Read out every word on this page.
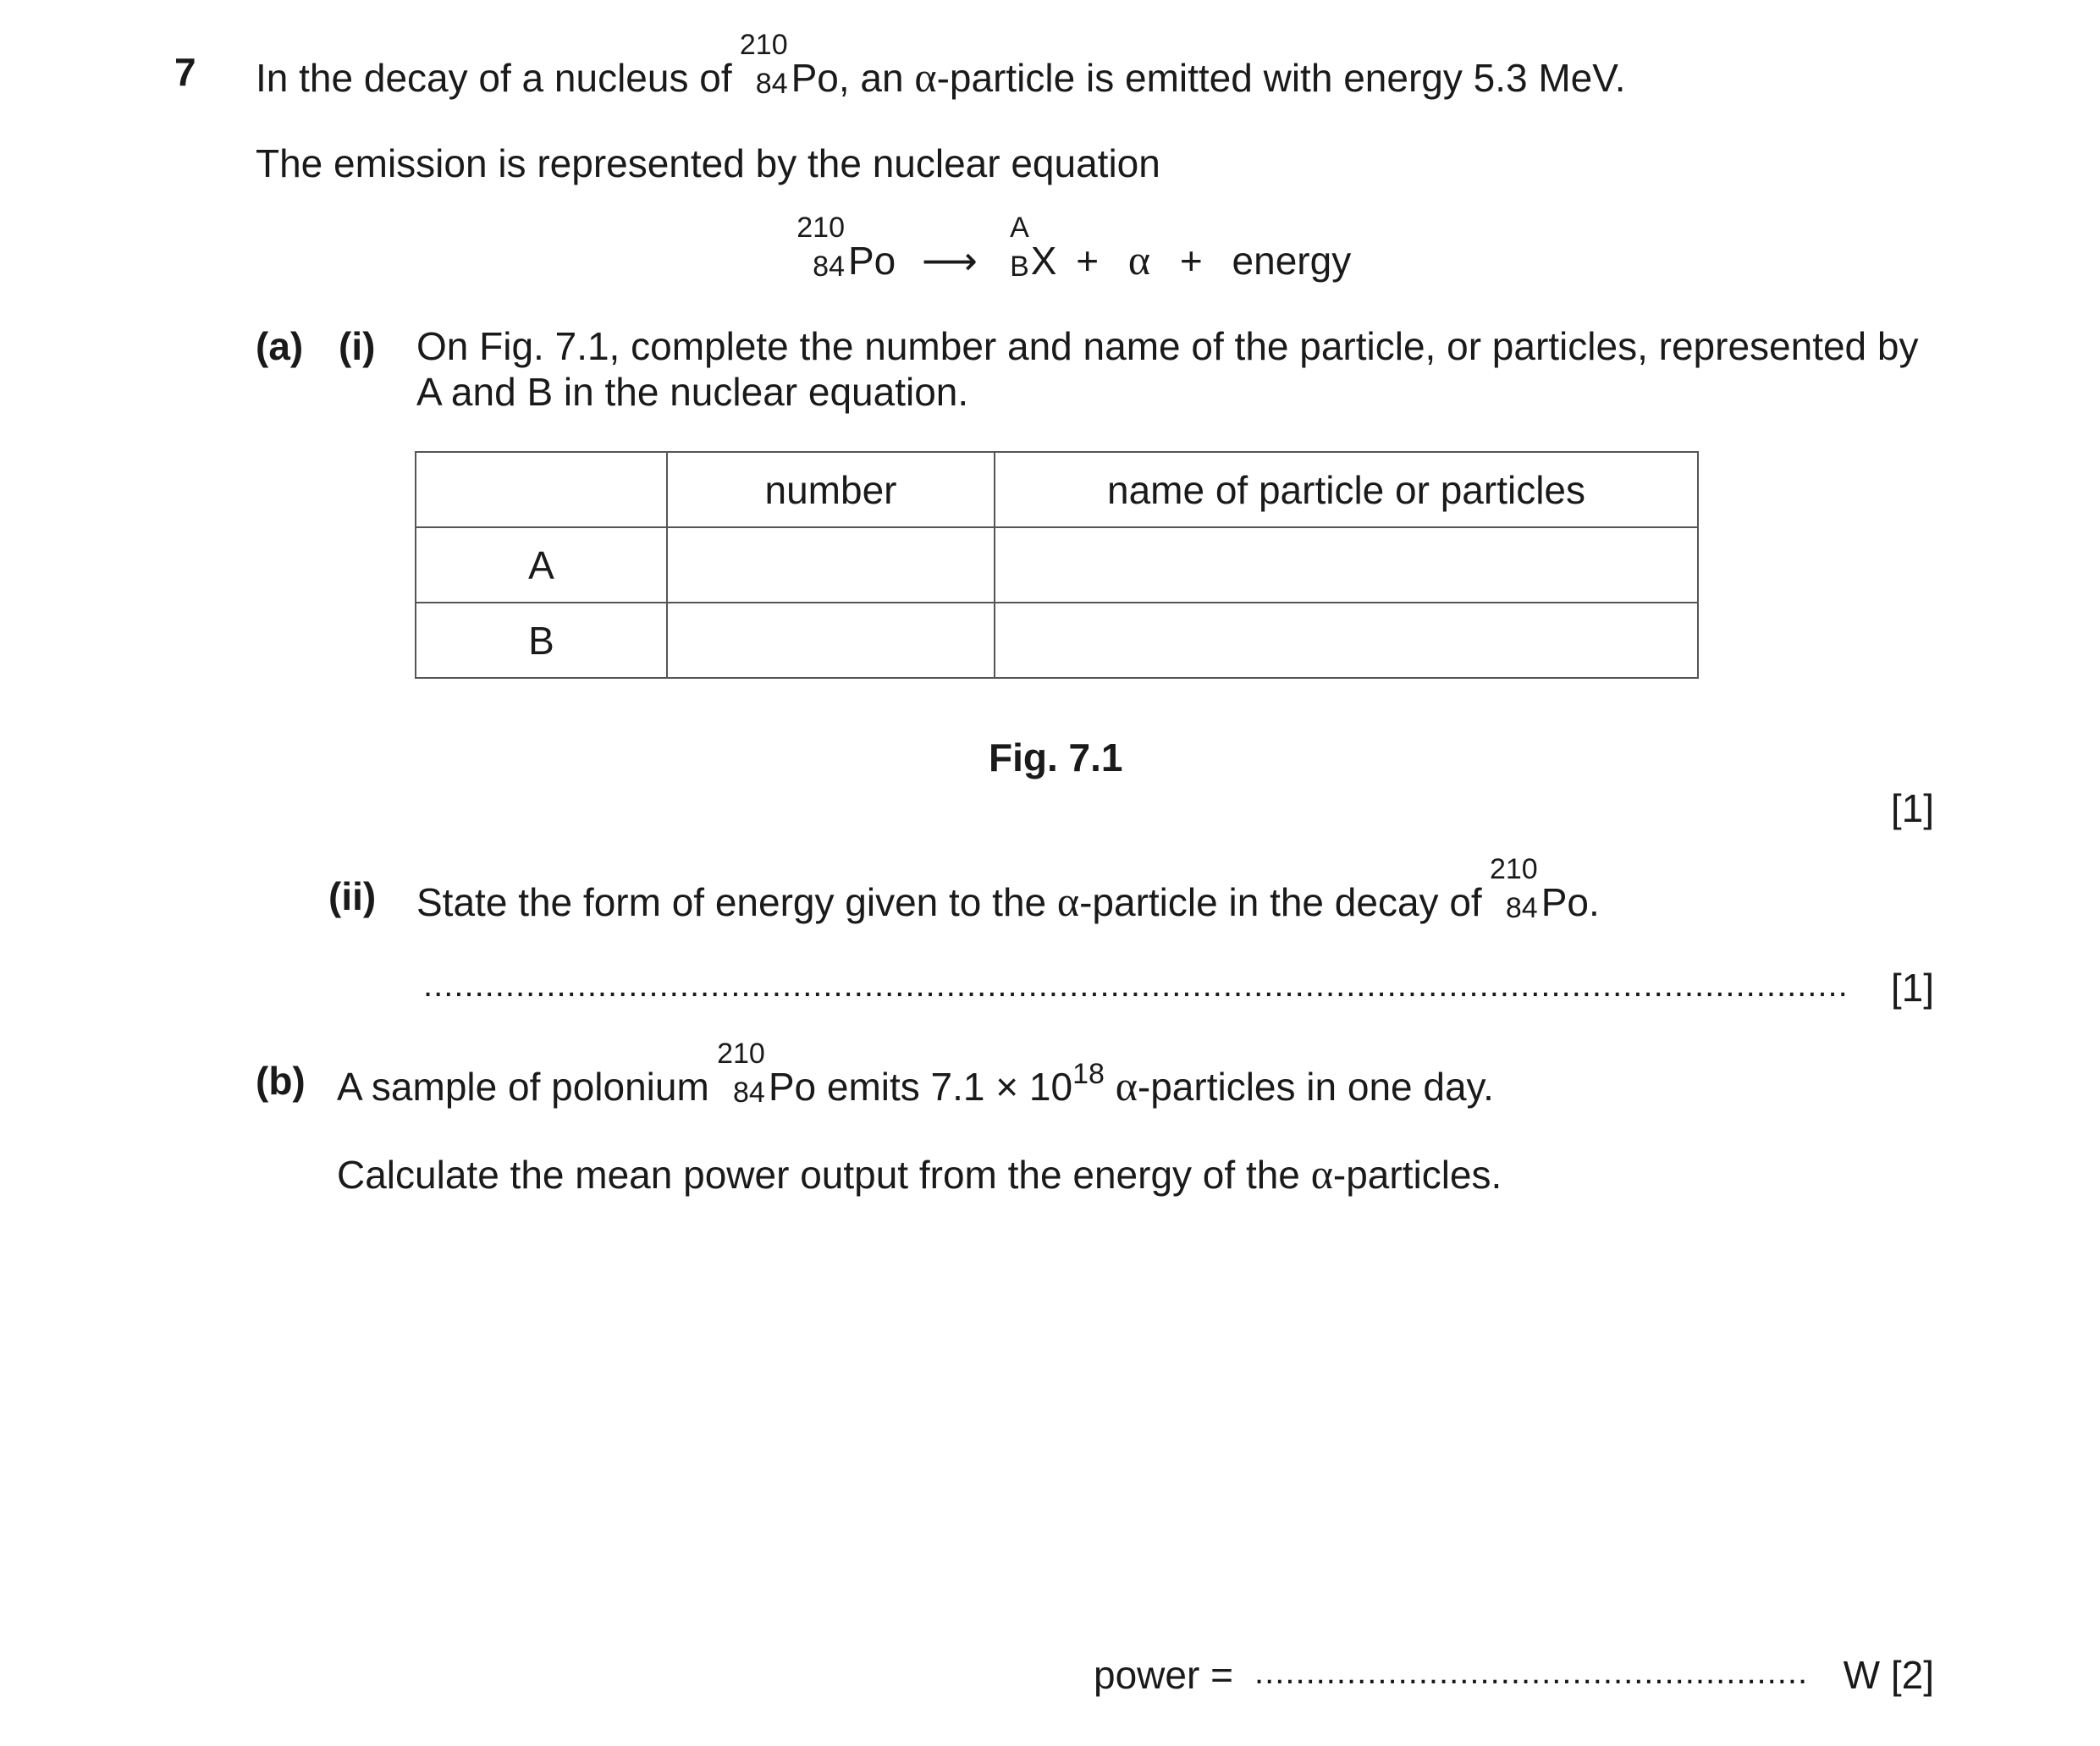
7 In the decay of a nucleus of
210
84 Po, an α-particle is emitted with energy 5.3 MeV.
The emission is represented by the nuclear equation
210
84 Po ⟶
A
B X + α + energy
(a) (i) On Fig. 7.1, complete the number and name of the particle, or particles, represented by
A and B in the nuclear equation.
	number	name of particle or particles
A		
B		
Fig. 7.1
[1]
(ii) State the form of energy given to the α-particle in the decay of
210
84 Po.
...........................................................................................................................................	[1]
(b) A sample of polonium
210
84 Po emits $7.1 \times 10^{18}$ α-particles in one day.
Calculate the mean power output from the energy of the α-particles.
power = ...................................................... W [2]
